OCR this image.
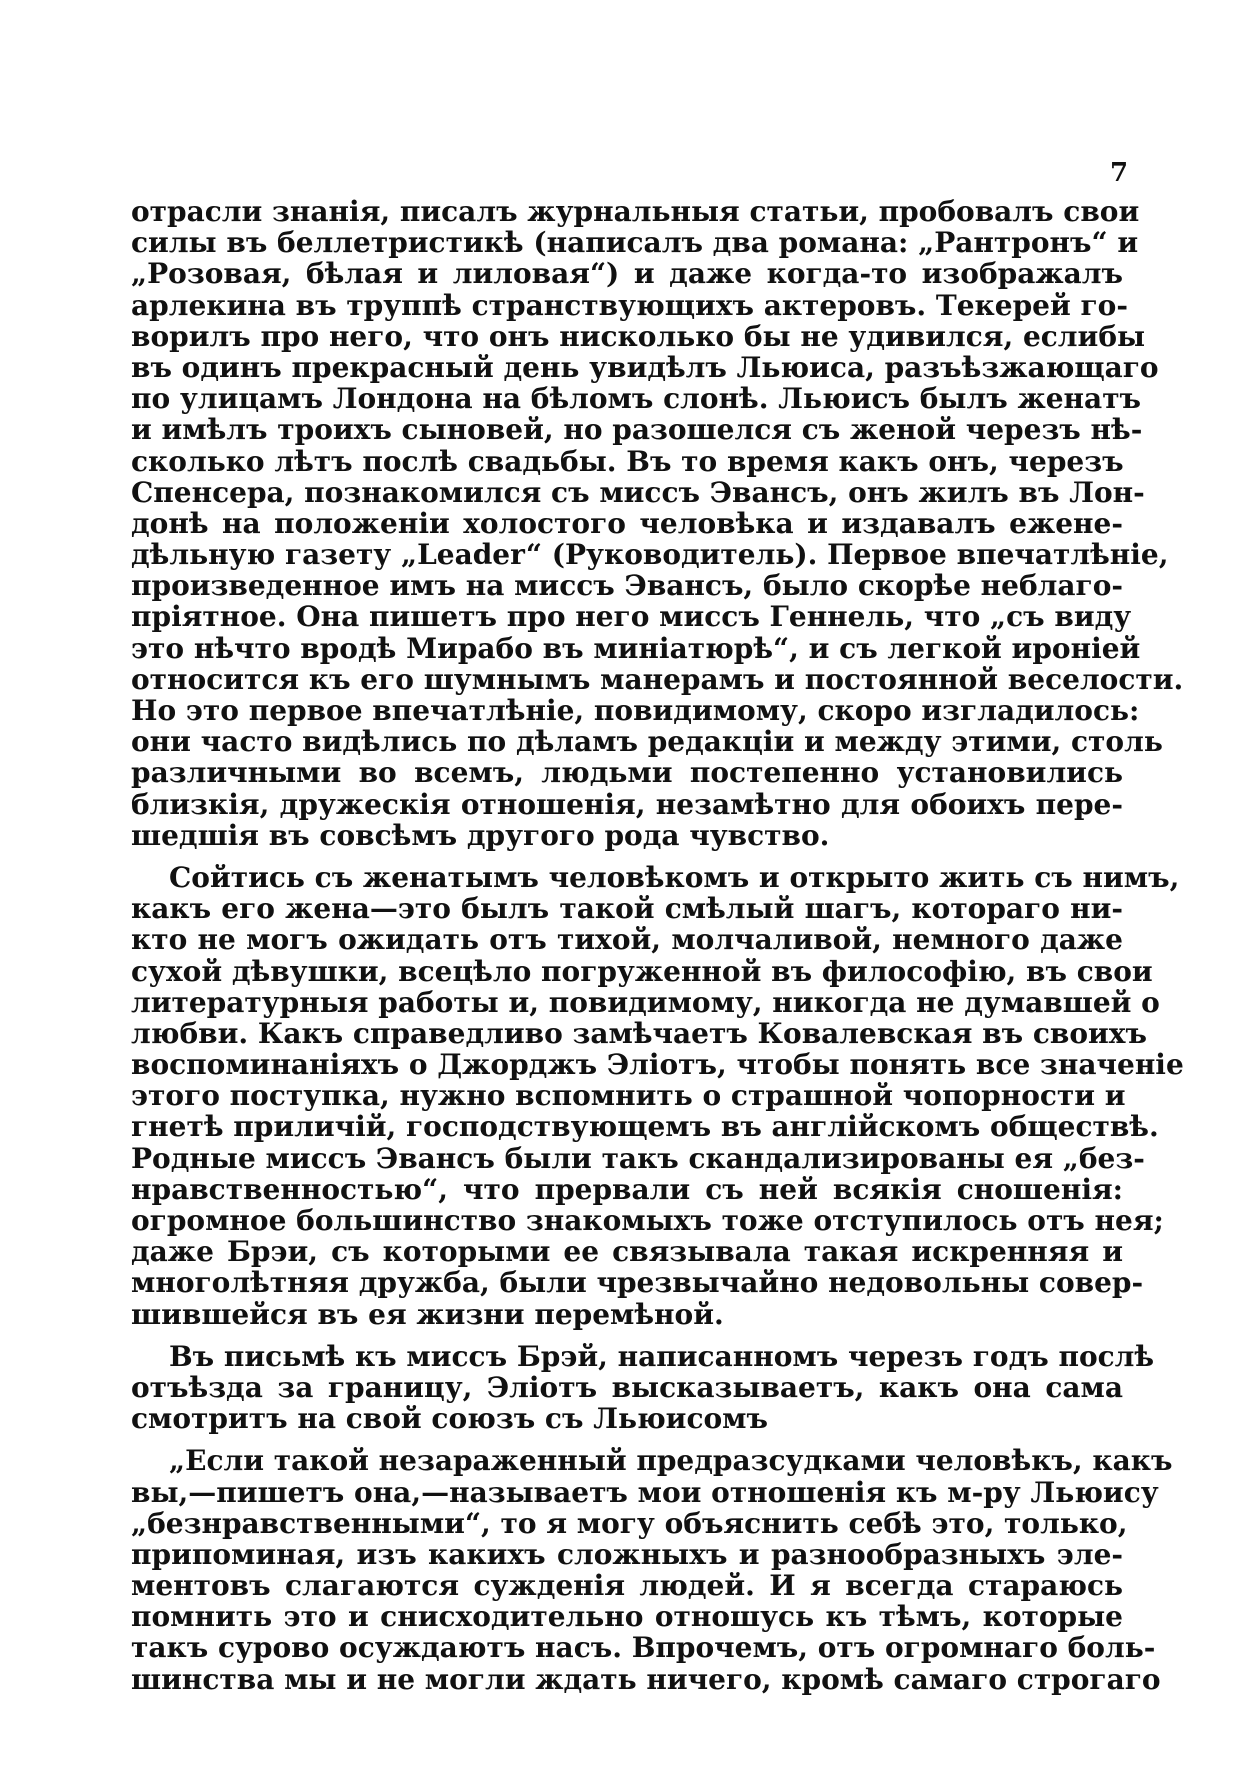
7
отрасли знанія, писалъ журнальныя статьи, пробовалъ свои
силы въ беллетристикѣ (написалъ два романа: „Рантронъ“ и
„Розовая, бѣлая и лиловая“) и даже когда-то изображалъ
арлекина въ труппѣ странствующихъ актеровъ. Текерей го-
ворилъ про него, что онъ нисколько бы не удивился, еслибы
въ одинъ прекрасный день увидѣлъ Льюиса, разъѣзжающаго
по улицамъ Лондона на бѣломъ слонѣ. Льюисъ былъ женатъ
и имѣлъ троихъ сыновей, но разошелся съ женой черезъ нѣ-
сколько лѣтъ послѣ свадьбы. Въ то время какъ онъ, черезъ
Спенсера, познакомился съ миссъ Эвансъ, онъ жилъ въ Лон-
донѣ на положеніи холостого человѣка и издавалъ еженe-
дѣльную газету „Leader“ (Руководитель). Первое впечатлѣніе,
произведенное имъ на миссъ Эвансъ, было скорѣе неблаго-
пріятное. Она пишетъ про него миссъ Геннель, что „съ виду
это нѣчто вродѣ Мирабо въ миніатюрѣ“, и съ легкой ироніей
относится къ его шумнымъ манерамъ и постоянной веселости.
Но это первое впечатлѣніе, повидимому, скоро изгладилось:
они часто видѣлись по дѣламъ редакціи и между этими, столь
различными во всемъ, людьми постепенно установились
близкія, дружескія отношенія, незамѣтно для обоихъ пере-
шедшія въ совсѣмъ другого рода чувство.
Сойтись съ женатымъ человѣкомъ и открыто жить съ нимъ,
какъ его жена—это былъ такой смѣлый шагъ, котораго ни-
кто не могъ ожидать отъ тихой, молчаливой, немного даже
сухой дѣвушки, всецѣло погруженной въ философію, въ свои
литературныя работы и, повидимому, никогда не думавшей о
любви. Какъ справедливо замѣчаетъ Ковалевская въ своихъ
воспоминаніяхъ о Джорджъ Эліотъ, чтобы понять все значеніе
этого поступка, нужно вспомнить о страшной чопорности и
гнетѣ приличій, господствующемъ въ англійскомъ обществѣ.
Родные миссъ Эвансъ были такъ скандализированы ея „без-
нравственностью“, что прервали съ ней всякія сношенія:
огромное большинство знакомыхъ тоже отступилось отъ нея;
даже Брэи, съ которыми ее связывала такая искренняя и
многолѣтняя дружба, были чрезвычайно недовольны совер-
шившейся въ ея жизни перемѣной.
Въ письмѣ къ миссъ Брэй, написанномъ черезъ годъ послѣ
отъѣзда за границу, Эліотъ высказываетъ, какъ она сама
смотритъ на свой союзъ съ Льюисомъ
„Если такой незараженный предразсудками человѣкъ, какъ
вы,—пишетъ она,—называетъ мои отношенія къ м-ру Льюису
„безнравственными“, то я могу объяснить себѣ это, только,
припоминая, изъ какихъ сложныхъ и разнообразныхъ эле-
ментовъ слагаются сужденія людей. И я всегда стараюсь
помнить это и снисходительно отношусь къ тѣмъ, которые
такъ сурово осуждаютъ насъ. Впрочемъ, отъ огромнаго боль-
шинства мы и не могли ждать ничего, кромѣ самаго строгаго
